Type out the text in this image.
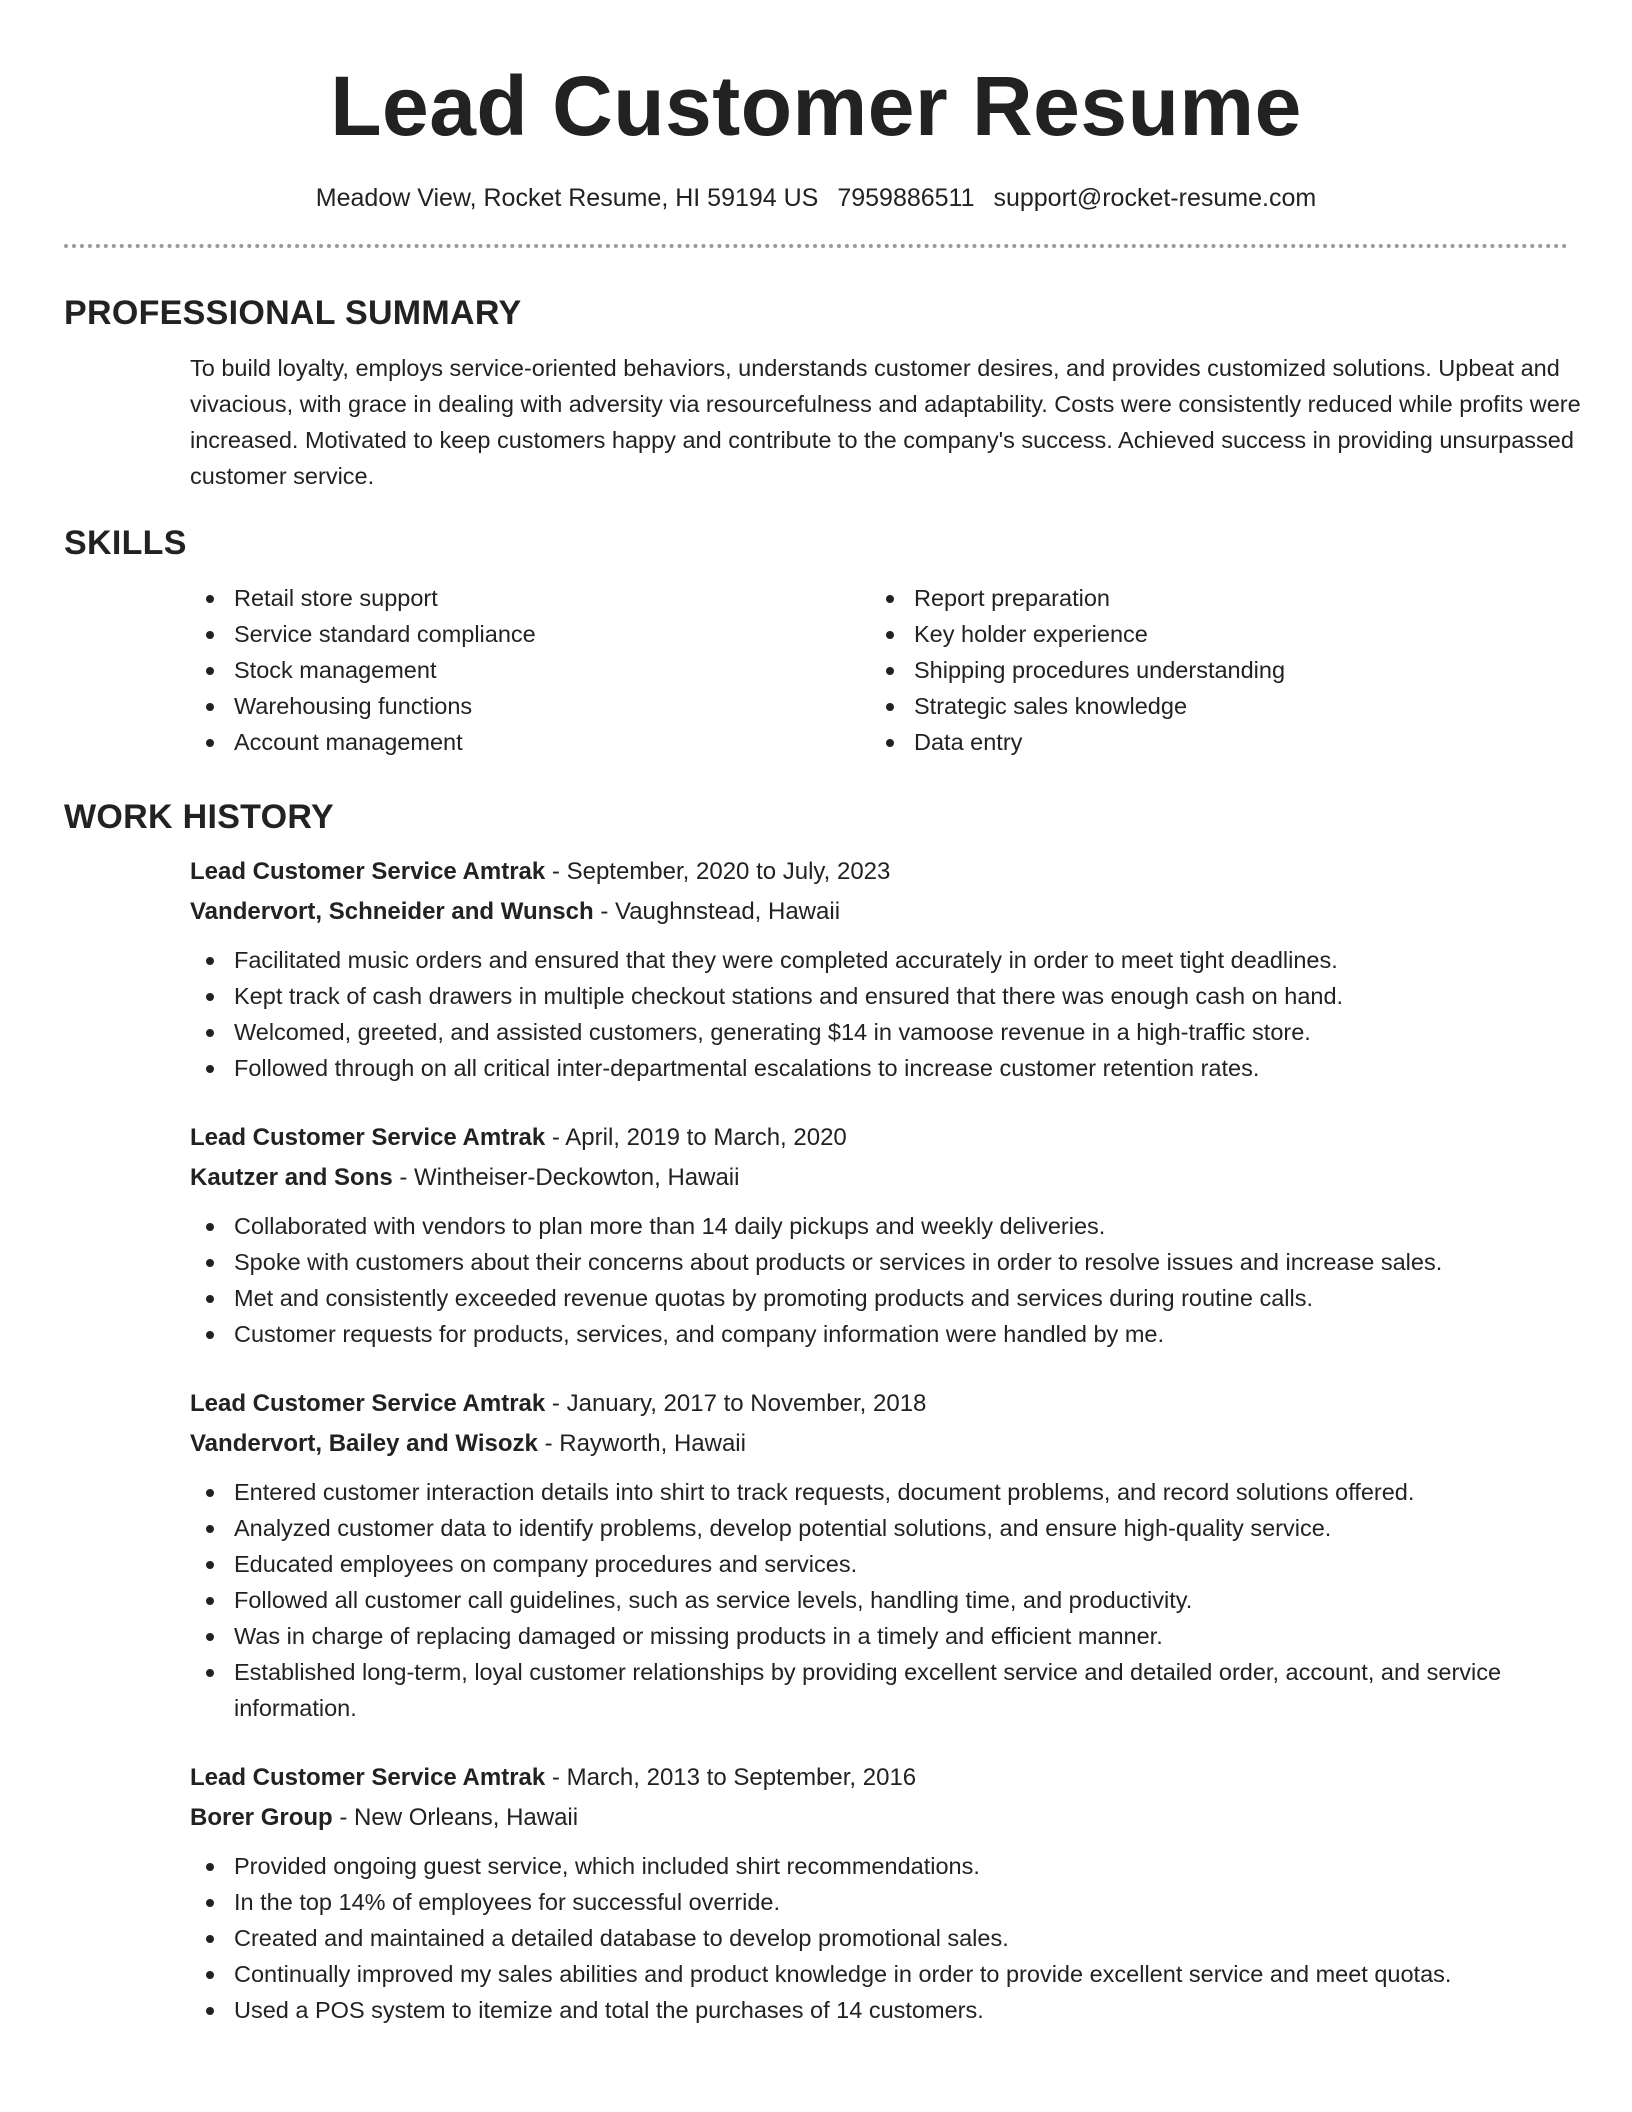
Lead Customer Resume
Meadow View, Rocket Resume, HI 59194 US 7959886511 support@rocket-resume.com
PROFESSIONAL SUMMARY

To build loyalty, employs service-oriented behaviors, understands customer desires, and provides customized solutions. Upbeat and vivacious, with grace in dealing with adversity via resourcefulness and adaptability. Costs were consistently reduced while profits were increased. Motivated to keep customers happy and contribute to the company's success. Achieved success in providing unsurpassed customer service.

SKILLS
Retail store support
Service standard compliance
Stock management
Warehousing functions
Account management
Report preparation
Key holder experience
Shipping procedures understanding
Strategic sales knowledge
Data entry
WORK HISTORY
Lead Customer Service Amtrak - September, 2020 to July, 2023
Vandervort, Schneider and Wunsch - Vaughnstead, Hawaii
Facilitated music orders and ensured that they were completed accurately in order to meet tight deadlines.
Kept track of cash drawers in multiple checkout stations and ensured that there was enough cash on hand.
Welcomed, greeted, and assisted customers, generating $14 in vamoose revenue in a high-traffic store.
Followed through on all critical inter-departmental escalations to increase customer retention rates.
Lead Customer Service Amtrak - April, 2019 to March, 2020
Kautzer and Sons - Wintheiser-Deckowton, Hawaii
Collaborated with vendors to plan more than 14 daily pickups and weekly deliveries.
Spoke with customers about their concerns about products or services in order to resolve issues and increase sales.
Met and consistently exceeded revenue quotas by promoting products and services during routine calls.
Customer requests for products, services, and company information were handled by me.
Lead Customer Service Amtrak - January, 2017 to November, 2018
Vandervort, Bailey and Wisozk - Rayworth, Hawaii
Entered customer interaction details into shirt to track requests, document problems, and record solutions offered.
Analyzed customer data to identify problems, develop potential solutions, and ensure high-quality service.
Educated employees on company procedures and services.
Followed all customer call guidelines, such as service levels, handling time, and productivity.
Was in charge of replacing damaged or missing products in a timely and efficient manner.
Established long-term, loyal customer relationships by providing excellent service and detailed order, account, and service information.
Lead Customer Service Amtrak - March, 2013 to September, 2016
Borer Group - New Orleans, Hawaii
Provided ongoing guest service, which included shirt recommendations.
In the top 14% of employees for successful override.
Created and maintained a detailed database to develop promotional sales.
Continually improved my sales abilities and product knowledge in order to provide excellent service and meet quotas.
Used a POS system to itemize and total the purchases of 14 customers.
